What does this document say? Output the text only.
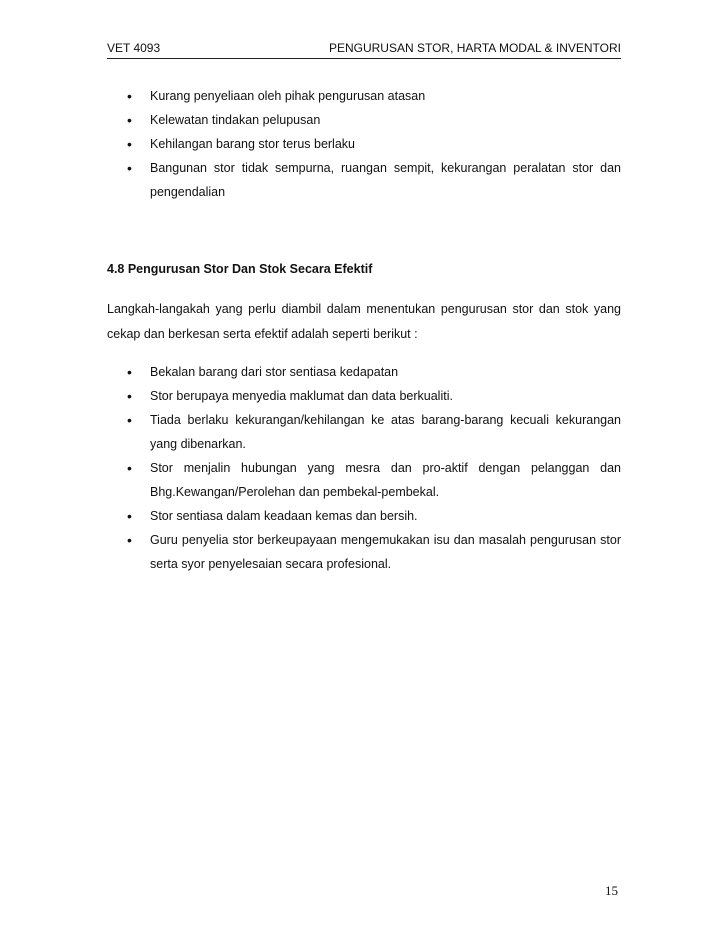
VET 4093	PENGURUSAN STOR, HARTA MODAL & INVENTORI
• Kurang penyeliaan oleh pihak pengurusan atasan
• Kelewatan tindakan pelupusan
• Kehilangan barang stor terus berlaku
• Bangunan stor tidak sempurna, ruangan sempit, kekurangan peralatan stor dan pengendalian
4.8 Pengurusan Stor Dan Stok Secara Efektif
Langkah-langakah yang perlu diambil dalam menentukan pengurusan stor dan stok yang cekap dan berkesan serta efektif adalah seperti berikut :
• Bekalan barang dari stor sentiasa kedapatan
• Stor berupaya menyedia maklumat dan data berkualiti.
• Tiada berlaku kekurangan/kehilangan ke atas barang-barang kecuali kekurangan yang dibenarkan.
• Stor menjalin hubungan yang mesra dan pro-aktif dengan pelanggan dan Bhg.Kewangan/Perolehan dan pembekal-pembekal.
• Stor sentiasa dalam keadaan kemas dan bersih.
• Guru penyelia stor berkeupayaan mengemukakan isu dan masalah pengurusan stor serta syor penyelesaian secara profesional.
15
